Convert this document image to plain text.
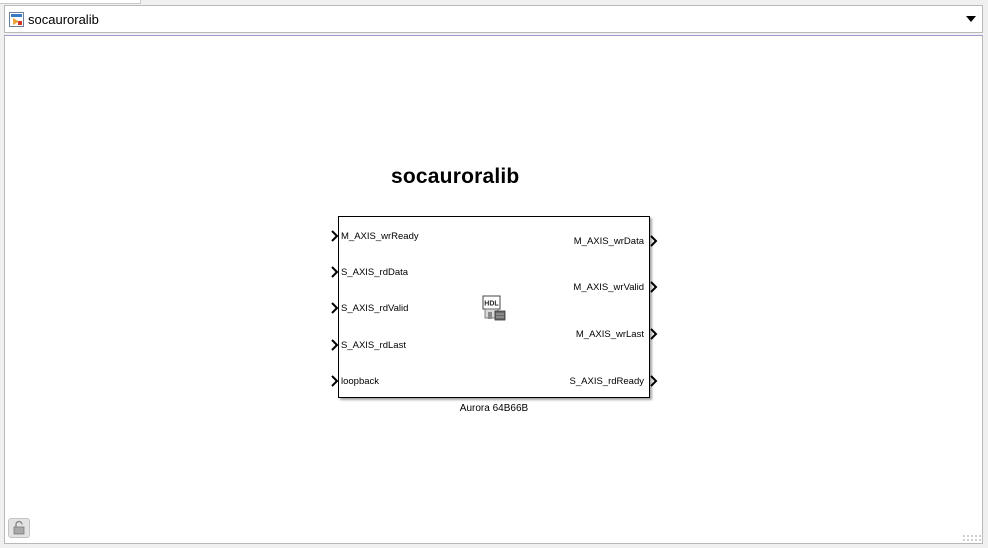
socauroralib
socauroralib
M_AXIS_wrReady
S_AXIS_rdData
S_AXIS_rdValid
S_AXIS_rdLast
loopback
M_AXIS_wrData
M_AXIS_wrValid
M_AXIS_wrLast
S_AXIS_rdReady
HDL
Aurora 64B66B
